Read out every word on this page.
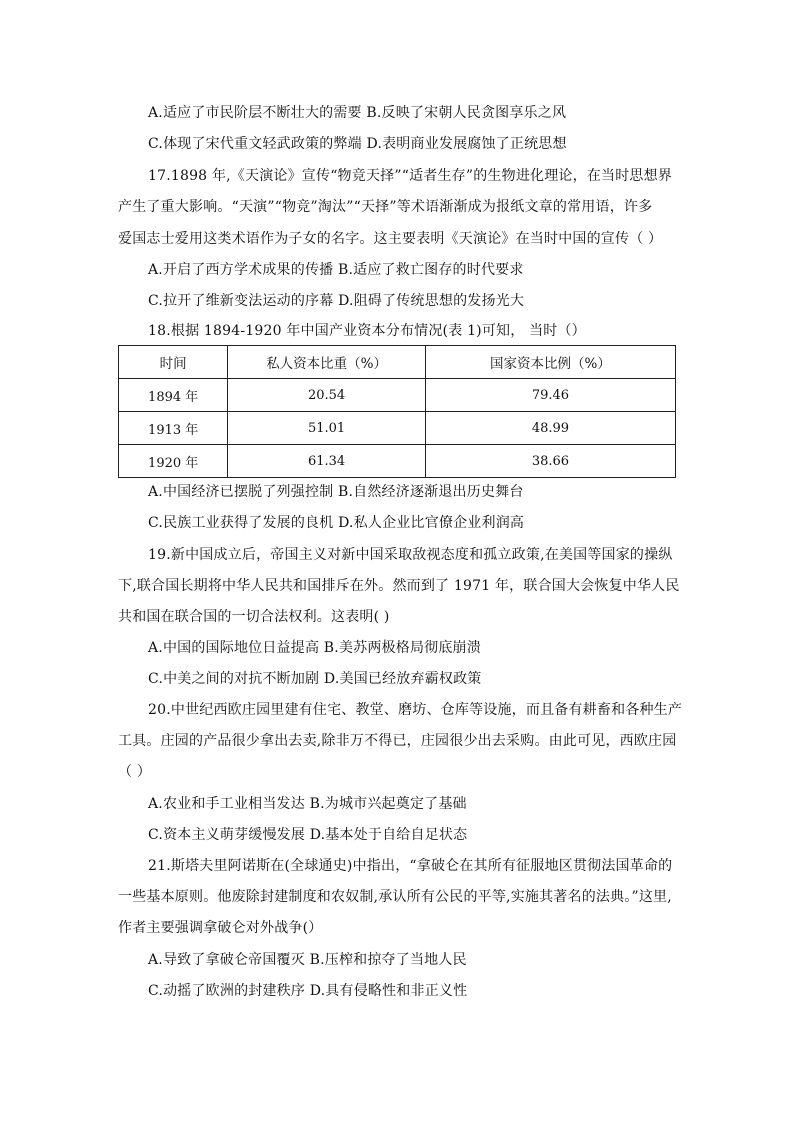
A.适应了市民阶层不断壮大的需要 B.反映了宋朝人民贪图享乐之风
C.体现了宋代重文轻武政策的弊端 D.表明商业发展腐蚀了正统思想
17.1898 年,《天演论》宣传“物竞天择”“适者生存”的生物进化理论，在当时思想界
产生了重大影响。“天演”“物竞”淘汰”“天择”等术语渐渐成为报纸文章的常用语，许多
爱国志士爱用这类术语作为子女的名字。这主要表明《天演论》在当时中国的宣传（ ）
A.开启了西方学术成果的传播 B.适应了救亡图存的时代要求
C.拉开了维新变法运动的序幕 D.阻碍了传统思想的发扬光大
18.根据 1894-1920 年中国产业资本分布情况(表 1)可知， 当时（）
时间	私人资本比重（%）	国家资本比例（%）
1894 年	20.54	79.46
1913 年	51.01	48.99
1920 年	61.34	38.66
A.中国经济已摆脱了列强控制 B.自然经济逐渐退出历史舞台
C.民族工业获得了发展的良机 D.私人企业比官僚企业利润高
19.新中国成立后，帝国主义对新中国采取敌视态度和孤立政策,在美国等国家的操纵
下,联合国长期将中华人民共和国排斥在外。然而到了 1971 年，联合国大会恢复中华人民
共和国在联合国的一切合法权利。这表明( )
A.中国的国际地位日益提高 B.美苏两极格局彻底崩溃
C.中美之间的对抗不断加剧 D.美国已经放弃霸权政策
20.中世纪西欧庄园里建有住宅、教堂、磨坊、仓库等设施，而且备有耕畜和各种生产
工具。庄园的产品很少拿出去卖,除非万不得已，庄园很少出去采购。由此可见，西欧庄园
（ ）
A.农业和手工业相当发达 B.为城市兴起奠定了基础
C.资本主义萌芽缓慢发展 D.基本处于自给自足状态
21.斯塔夫里阿诺斯在(全球通史)中指出，“拿破仑在其所有征服地区贯彻法国革命的
一些基本原则。他废除封建制度和农奴制,承认所有公民的平等,实施其著名的法典。”这里,
作者主要强调拿破仑对外战争(）
A.导致了拿破仑帝国覆灭 B.压榨和掠夺了当地人民
C.动摇了欧洲的封建秩序 D.具有侵略性和非正义性
